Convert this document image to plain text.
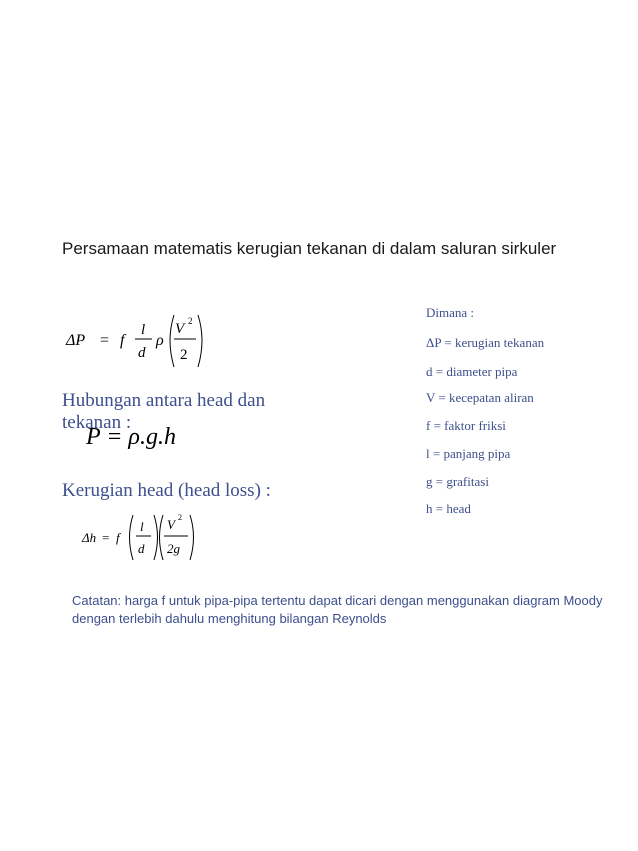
Persamaan matematis kerugian tekanan di dalam saluran sirkuler
ΔP = f
l
d
ρ
V 2
2
Hubungan antara head dan tekanan :
P = ρ.g.h
Kerugian head (head loss) :
Δh = f
l
d
V 2
2g
Dimana :
ΔP = kerugian tekanan
d = diameter pipa
V = kecepatan aliran
f = faktor friksi
l = panjang pipa
g = grafitasi
h = head
Catatan: harga f untuk pipa-pipa tertentu dapat dicari dengan menggunakan diagram Moody dengan terlebih dahulu menghitung bilangan Reynolds
